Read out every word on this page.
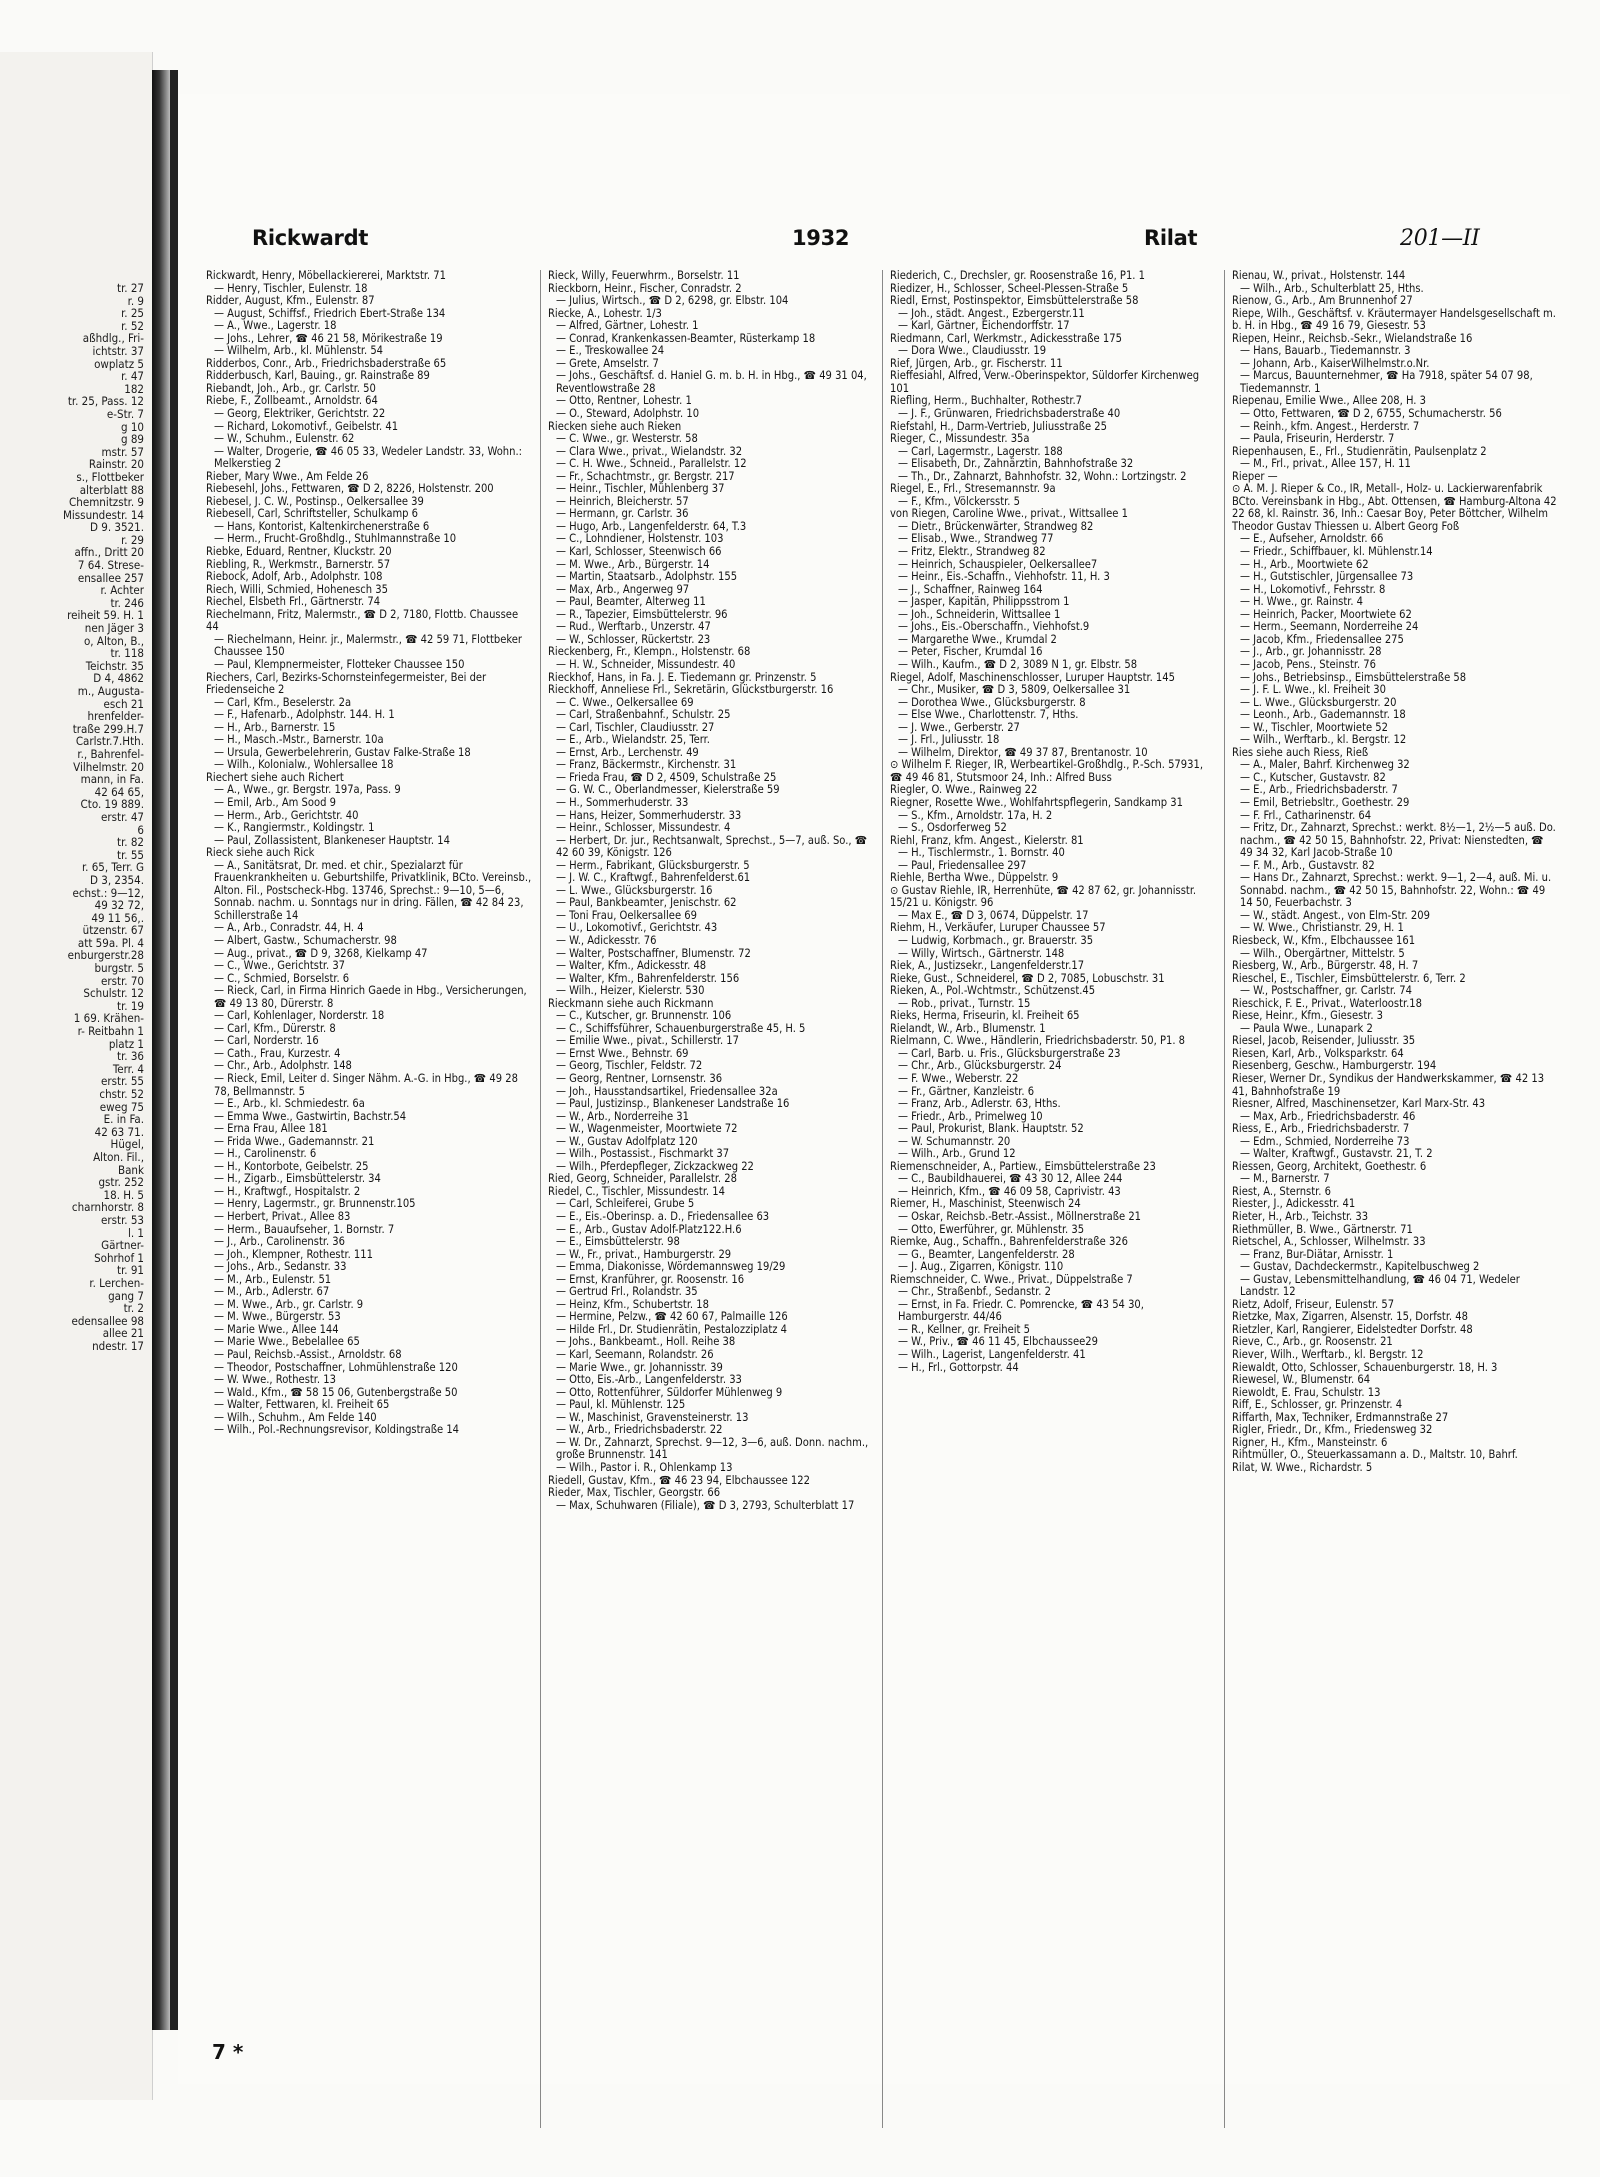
tr. 27
r. 9
r. 25
r. 52
aßhdlg., Fri-
ichtstr. 37
owplatz 5
r. 47
182
tr. 25, Pass. 12
e-Str. 7
g 10
g 89
mstr. 57
Rainstr. 20
s., Flottbeker
alterblatt 88
Chemnitzstr. 9
Missundestr. 14
D 9. 3521.
r. 29
affn., Dritt 20
7 64. Strese-
ensallee 257
r. Achter
tr. 246
reiheit 59. H. 1
nen Jäger 3
o, Alton, B.,
tr. 118
Teichstr. 35
D 4, 4862
m., Augusta-
esch 21
hrenfelder-
traße 299.H.7
Carlstr.7.Hth.
r., Bahrenfel-
Vilhelmstr. 20
mann, in Fa.
42 64 65,
Cto. 19 889.
erstr. 47
6
tr. 82
tr. 55
r. 65, Terr. G
D 3, 2354.
echst.: 9—12,
49 32 72,
49 11 56,.
ützenstr. 67
att 59a. Pl. 4
enburgerstr.28
burgstr. 5
erstr. 70
Schulstr. 12
tr. 19
1 69. Krähen-
r- Reitbahn 1
platz 1
tr. 36
Terr. 4
erstr. 55
chstr. 52
eweg 75
E. in Fa.
42 63 71.
Hügel,
Alton. Fil.,
Bank
gstr. 252
18. H. 5
charnhorstr. 8
erstr. 53
l. 1
Gärtner-
Sohrhof 1
tr. 91
r. Lerchen-
gang 7
tr. 2
edensallee 98
allee 21
ndestr. 17
Rickwardt	1932	Rilat	201—II
Rickwardt, Henry, Möbellackiererei, Marktstr. 71
— Henry, Tischler, Eulenstr. 18
Ridder, August, Kfm., Eulenstr. 87
— August, Schiffsf., Friedrich Ebert-Straße 134
— A., Wwe., Lagerstr. 18
— Johs., Lehrer, ☎ 46 21 58, Mörikestraße 19
— Wilhelm, Arb., kl. Mühlenstr. 54
Ridderbos, Conr., Arb., Friedrichsbaderstraße 65
Ridderbusch, Karl, Bauing., gr. Rainstraße 89
Riebandt, Joh., Arb., gr. Carlstr. 50
Riebe, F., Zollbeamt., Arnoldstr. 64
— Georg, Elektriker, Gerichtstr. 22
— Richard, Lokomotivf., Geibelstr. 41
— W., Schuhm., Eulenstr. 62
— Walter, Drogerie, ☎ 46 05 33, Wedeler Landstr. 33, Wohn.: Melkerstieg 2
Rieber, Mary Wwe., Am Felde 26
Riebesehl, Johs., Fettwaren, ☎ D 2, 8226, Holstenstr. 200
Riebesel, J. C. W., Postinsp., Oelkersallee 39
Riebesell, Carl, Schriftsteller, Schulkamp 6
— Hans, Kontorist, Kaltenkirchenerstraße 6
— Herm., Frucht-Großhdlg., Stuhlmannstraße 10
Riebke, Eduard, Rentner, Kluckstr. 20
Riebling, R., Werkmstr., Barnerstr. 57
Riebock, Adolf, Arb., Adolphstr. 108
Riech, Willi, Schmied, Hohenesch 35
Riechel, Elsbeth Frl., Gärtnerstr. 74
Riechelmann, Fritz, Malermstr., ☎ D 2, 7180, Flottb. Chaussee 44
— Riechelmann, Heinr. jr., Malermstr., ☎ 42 59 71, Flottbeker Chaussee 150
— Paul, Klempnermeister, Flotteker Chaussee 150
Riechers, Carl, Bezirks-Schornsteinfegermeister, Bei der Friedenseiche 2
— Carl, Kfm., Beselerstr. 2a
— F., Hafenarb., Adolphstr. 144. H. 1
— H., Arb., Barnerstr. 15
— H., Masch.-Mstr., Barnerstr. 10a
— Ursula, Gewerbelehrerin, Gustav Falke-Straße 18
— Wilh., Kolonialw., Wohlersallee 18
Riechert siehe auch Richert
— A., Wwe., gr. Bergstr. 197a, Pass. 9
— Emil, Arb., Am Sood 9
— Herm., Arb., Gerichtstr. 40
— K., Rangiermstr., Koldingstr. 1
— Paul, Zollassistent, Blankeneser Hauptstr. 14
Rieck siehe auch Rick
— A., Sanitätsrat, Dr. med. et chir., Spezialarzt für Frauenkrankheiten u. Geburtshilfe, Privatklinik, BCto. Vereinsb., Alton. Fil., Postscheck-Hbg. 13746, Sprechst.: 9—10, 5—6, Sonnab. nachm. u. Sonntags nur in dring. Fällen, ☎ 42 84 23, Schillerstraße 14
— A., Arb., Conradstr. 44, H. 4
— Albert, Gastw., Schumacherstr. 98
— Aug., privat., ☎ D 9, 3268, Kielkamp 47
— C., Wwe., Gerichtstr. 37
— C., Schmied, Borselstr. 6
— Rieck, Carl, in Firma Hinrich Gaede in Hbg., Versicherungen, ☎ 49 13 80, Dürerstr. 8
— Carl, Kohlenlager, Norderstr. 18
— Carl, Kfm., Dürerstr. 8
— Carl, Norderstr. 16
— Cath., Frau, Kurzestr. 4
— Chr., Arb., Adolphstr. 148
— Rieck, Emil, Leiter d. Singer Nähm. A.-G. in Hbg., ☎ 49 28 78, Bellmannstr. 5
— E., Arb., kl. Schmiedestr. 6a
— Emma Wwe., Gastwirtin, Bachstr.54
— Erna Frau, Allee 181
— Frida Wwe., Gademannstr. 21
— H., Carolinenstr. 6
— H., Kontorbote, Geibelstr. 25
— H., Zigarb., Eimsbüttelerstr. 34
— H., Kraftwgf., Hospitalstr. 2
— Henry, Lagermstr., gr. Brunnenstr.105
— Herbert, Privat., Allee 83
— Herm., Bauaufseher, 1. Bornstr. 7
— J., Arb., Carolinenstr. 36
— Joh., Klempner, Rothestr. 111
— Johs., Arb., Sedanstr. 33
— M., Arb., Eulenstr. 51
— M., Arb., Adlerstr. 67
— M. Wwe., Arb., gr. Carlstr. 9
— M. Wwe., Bürgerstr. 53
— Marie Wwe., Allee 144
— Marie Wwe., Bebelallee 65
— Paul, Reichsb.-Assist., Arnoldstr. 68
— Theodor, Postschaffner, Lohmühlenstraße 120
— W. Wwe., Rothestr. 13
— Wald., Kfm., ☎ 58 15 06, Gutenbergstraße 50
— Walter, Fettwaren, kl. Freiheit 65
— Wilh., Schuhm., Am Felde 140
— Wilh., Pol.-Rechnungsrevisor, Koldingstraße 14
Rieck, Willy, Feuerwhrm., Borselstr. 11
Rieckborn, Heinr., Fischer, Conradstr. 2
— Julius, Wirtsch., ☎ D 2, 6298, gr. Elbstr. 104
Riecke, A., Lohestr. 1/3
— Alfred, Gärtner, Lohestr. 1
— Conrad, Krankenkassen-Beamter, Rüsterkamp 18
— E., Treskowallee 24
— Grete, Amselstr. 7
— Johs., Geschäftsf. d. Haniel G. m. b. H. in Hbg., ☎ 49 31 04, Reventlowstraße 28
— Otto, Rentner, Lohestr. 1
— O., Steward, Adolphstr. 10
Riecken siehe auch Rieken
— C. Wwe., gr. Westerstr. 58
— Clara Wwe., privat., Wielandstr. 32
— C. H. Wwe., Schneid., Parallelstr. 12
— Fr., Schachtmstr., gr. Bergstr. 217
— Heinr., Tischler, Mühlenberg 37
— Heinrich, Bleicherstr. 57
— Hermann, gr. Carlstr. 36
— Hugo, Arb., Langenfelderstr. 64, T.3
— C., Lohndiener, Holstenstr. 103
— Karl, Schlosser, Steenwisch 66
— M. Wwe., Arb., Bürgerstr. 14
— Martin, Staatsarb., Adolphstr. 155
— Max, Arb., Angerweg 97
— Paul, Beamter, Alterweg 11
— R., Tapezier, Eimsbüttelerstr. 96
— Rud., Werftarb., Unzerstr. 47
— W., Schlosser, Rückertstr. 23
Rieckenberg, Fr., Klempn., Holstenstr. 68
— H. W., Schneider, Missundestr. 40
Rieckhof, Hans, in Fa. J. E. Tiedemann gr. Prinzenstr. 5
Rieckhoff, Anneliese Frl., Sekretärin, Glückstburgerstr. 16
— C. Wwe., Oelkersallee 69
— Carl, Straßenbahnf., Schulstr. 25
— Carl, Tischler, Claudiusstr. 27
— E., Arb., Wielandstr. 25, Terr.
— Ernst, Arb., Lerchenstr. 49
— Franz, Bäckermstr., Kirchenstr. 31
— Frieda Frau, ☎ D 2, 4509, Schulstraße 25
— G. W. C., Oberlandmesser, Kielerstraße 59
— H., Sommerhuderstr. 33
— Hans, Heizer, Sommerhuderstr. 33
— Heinr., Schlosser, Missundestr. 4
— Herbert, Dr. jur., Rechtsanwalt, Sprechst., 5—7, auß. So., ☎ 42 60 39, Königstr. 126
— Herm., Fabrikant, Glücksburgerstr. 5
— J. W. C., Kraftwgf., Bahrenfelderst.61
— L. Wwe., Glücksburgerstr. 16
— Paul, Bankbeamter, Jenischstr. 62
— Toni Frau, Oelkersallee 69
— U., Lokomotivf., Gerichtstr. 43
— W., Adickesstr. 76
— Walter, Postschaffner, Blumenstr. 72
— Walter, Kfm., Adickesstr. 48
— Walter, Kfm., Bahrenfelderstr. 156
— Wilh., Heizer, Kielerstr. 530
Rieckmann siehe auch Rickmann
— C., Kutscher, gr. Brunnenstr. 106
— C., Schiffsführer, Schauenburgerstraße 45, H. 5
— Emilie Wwe., pivat., Schillerstr. 17
— Ernst Wwe., Behnstr. 69
— Georg, Tischler, Feldstr. 72
— Georg, Rentner, Lornsenstr. 36
— Joh., Hausstandsartikel, Friedensallee 32a
— Paul, Justizinsp., Blankeneser Landstraße 16
— W., Arb., Norderreihe 31
— W., Wagenmeister, Moortwiete 72
— W., Gustav Adolfplatz 120
— Wilh., Postassist., Fischmarkt 37
— Wilh., Pferdepfleger, Zickzackweg 22
Ried, Georg, Schneider, Parallelstr. 28
Riedel, C., Tischler, Missundestr. 14
— Carl, Schleiferei, Grube 5
— E., Eis.-Oberinsp. a. D., Friedensallee 63
— E., Arb., Gustav Adolf-Platz122.H.6
— E., Eimsbüttelerstr. 98
— W., Fr., privat., Hamburgerstr. 29
— Emma, Diakonisse, Wördemannsweg 19/29
— Ernst, Kranführer, gr. Roosenstr. 16
— Gertrud Frl., Rolandstr. 35
— Heinz, Kfm., Schubertstr. 18
— Hermine, Pelzw., ☎ 42 60 67, Palmaille 126
— Hilde Frl., Dr. Studienrätin, Pestalozziplatz 4
— Johs., Bankbeamt., Holl. Reihe 38
— Karl, Seemann, Rolandstr. 26
— Marie Wwe., gr. Johannisstr. 39
— Otto, Eis.-Arb., Langenfelderstr. 33
— Otto, Rottenführer, Süldorfer Mühlenweg 9
— Paul, kl. Mühlenstr. 125
— W., Maschinist, Gravensteinerstr. 13
— W., Arb., Friedrichsbaderstr. 22
— W. Dr., Zahnarzt, Sprechst. 9—12, 3—6, auß. Donn. nachm., große Brunnenstr. 141
— Wilh., Pastor i. R., Ohlenkamp 13
Riedell, Gustav, Kfm., ☎ 46 23 94, Elbchaussee 122
Rieder, Max, Tischler, Georgstr. 66
— Max, Schuhwaren (Filiale), ☎ D 3, 2793, Schulterblatt 17
Riederich, C., Drechsler, gr. Roosenstraße 16, P1. 1
Riedizer, H., Schlosser, Scheel-Plessen-Straße 5
Riedl, Ernst, Postinspektor, Eimsbüttelerstraße 58
— Joh., städt. Angest., Ezbergerstr.11
— Karl, Gärtner, Eichendorffstr. 17
Riedmann, Carl, Werkmstr., Adickesstraße 175
— Dora Wwe., Claudiusstr. 19
Rief, Jürgen, Arb., gr. Fischerstr. 11
Rieffesiahl, Alfred, Verw.-Oberinspektor, Süldorfer Kirchenweg 101
Riefling, Herm., Buchhalter, Rothestr.7
— J. F., Grünwaren, Friedrichsbaderstraße 40
Riefstahl, H., Darm-Vertrieb, Juliusstraße 25
Rieger, C., Missundestr. 35a
— Carl, Lagermstr., Lagerstr. 188
— Elisabeth, Dr., Zahnärztin, Bahnhofstraße 32
— Th., Dr., Zahnarzt, Bahnhofstr. 32, Wohn.: Lortzingstr. 2
Riegel, E., Frl., Stresemannstr. 9a
— F., Kfm., Völckersstr. 5
von Riegen, Caroline Wwe., privat., Wittsallee 1
— Dietr., Brückenwärter, Strandweg 82
— Elisab., Wwe., Strandweg 77
— Fritz, Elektr., Strandweg 82
— Heinrich, Schauspieler, Oelkersallee7
— Heinr., Eis.-Schaffn., Viehhofstr. 11, H. 3
— J., Schaffner, Rainweg 164
— Jasper, Kapitän, Philippsstrom 1
— Joh., Schneiderin, Wittsallee 1
— Johs., Eis.-Oberschaffn., Viehhofst.9
— Margarethe Wwe., Krumdal 2
— Peter, Fischer, Krumdal 16
— Wilh., Kaufm., ☎ D 2, 3089 N 1, gr. Elbstr. 58
Riegel, Adolf, Maschinenschlosser, Luruper Hauptstr. 145
— Chr., Musiker, ☎ D 3, 5809, Oelkersallee 31
— Dorothea Wwe., Glücksburgerstr. 8
— Else Wwe., Charlottenstr. 7, Hths.
— J. Wwe., Gerberstr. 27
— J. Frl., Juliusstr. 18
— Wilhelm, Direktor, ☎ 49 37 87, Brentanostr. 10
⊙ Wilhelm F. Rieger, IR, Werbeartikel-Großhdlg., P.-Sch. 57931, ☎ 49 46 81, Stutsmoor 24, Inh.: Alfred Buss
Riegler, O. Wwe., Rainweg 22
Riegner, Rosette Wwe., Wohlfahrtspflegerin, Sandkamp 31
— S., Kfm., Arnoldstr. 17a, H. 2
— S., Osdorferweg 52
Riehl, Franz, kfm. Angest., Kielerstr. 81
— H., Tischlermstr., 1. Bornstr. 40
— Paul, Friedensallee 297
Riehle, Bertha Wwe., Düppelstr. 9
⊙ Gustav Riehle, IR, Herrenhüte, ☎ 42 87 62, gr. Johannisstr. 15/21 u. Königstr. 96
— Max E., ☎ D 3, 0674, Düppelstr. 17
Riehm, H., Verkäufer, Luruper Chaussee 57
— Ludwig, Korbmach., gr. Brauerstr. 35
— Willy, Wirtsch., Gärtnerstr. 148
Riek, A., Justizsekr., Langenfelderstr.17
Rieke, Gust., Schneiderel, ☎ D 2, 7085, Lobuschstr. 31
Rieken, A., Pol.-Wchtmstr., Schützenst.45
— Rob., privat., Turnstr. 15
Rieks, Herma, Friseurin, kl. Freiheit 65
Rielandt, W., Arb., Blumenstr. 1
Rielmann, C. Wwe., Händlerin, Friedrichsbaderstr. 50, P1. 8
— Carl, Barb. u. Fris., Glücksburgerstraße 23
— Chr., Arb., Glücksburgerstr. 24
— F. Wwe., Weberstr. 22
— Fr., Gärtner, Kanzleistr. 6
— Franz, Arb., Adlerstr. 63, Hths.
— Friedr., Arb., Primelweg 10
— Paul, Prokurist, Blank. Hauptstr. 52
— W. Schumannstr. 20
— Wilh., Arb., Grund 12
Riemenschneider, A., Partiew., Eimsbüttelerstraße 23
— C., Baubildhauerei, ☎ 43 30 12, Allee 244
— Heinrich, Kfm., ☎ 46 09 58, Caprivistr. 43
Riemer, H., Maschinist, Steenwisch 24
— Oskar, Reichsb.-Betr.-Assist., Möllnerstraße 21
— Otto, Ewerführer, gr. Mühlenstr. 35
Riemke, Aug., Schaffn., Bahrenfelderstraße 326
— G., Beamter, Langenfelderstr. 28
— J. Aug., Zigarren, Königstr. 110
Riemschneider, C. Wwe., Privat., Düppelstraße 7
— Chr., Straßenbf., Sedanstr. 2
— Ernst, in Fa. Friedr. C. Pomrencke, ☎ 43 54 30, Hamburgerstr. 44/46
— R., Kellner, gr. Freiheit 5
— W., Priv., ☎ 46 11 45, Elbchaussee29
— Wilh., Lagerist, Langenfelderstr. 41
— H., Frl., Gottorpstr. 44
Rienau, W., privat., Holstenstr. 144
— Wilh., Arb., Schulterblatt 25, Hths.
Rienow, G., Arb., Am Brunnenhof 27
Riepe, Wilh., Geschäftsf. v. Kräutermayer Handelsgesellschaft m. b. H. in Hbg., ☎ 49 16 79, Giesestr. 53
Riepen, Heinr., Reichsb.-Sekr., Wielandstraße 16
— Hans, Bauarb., Tiedemannstr. 3
— Johann, Arb., KaiserWilhelmstr.o.Nr.
— Marcus, Bauunternehmer, ☎ Ha 7918, später 54 07 98, Tiedemannstr. 1
Riepenau, Emilie Wwe., Allee 208, H. 3
— Otto, Fettwaren, ☎ D 2, 6755, Schumacherstr. 56
— Reinh., kfm. Angest., Herderstr. 7
— Paula, Friseurin, Herderstr. 7
Riepenhausen, E., Frl., Studienrätin, Paulsenplatz 2
— M., Frl., privat., Allee 157, H. 11
Rieper —
⊙ A. M. J. Rieper & Co., IR, Metall-, Holz- u. Lackierwarenfabrik BCto. Vereinsbank in Hbg., Abt. Ottensen, ☎ Hamburg-Altona 42 22 68, kl. Rainstr. 36, Inh.: Caesar Boy, Peter Böttcher, Wilhelm Theodor Gustav Thiessen u. Albert Georg Foß
— E., Aufseher, Arnoldstr. 66
— Friedr., Schiffbauer, kl. Mühlenstr.14
— H., Arb., Moortwiete 62
— H., Gutstischler, Jürgensallee 73
— H., Lokomotivf., Fehrsstr. 8
— H. Wwe., gr. Rainstr. 4
— Heinrich, Packer, Moortwiete 62
— Herm., Seemann, Norderreihe 24
— Jacob, Kfm., Friedensallee 275
— J., Arb., gr. Johannisstr. 28
— Jacob, Pens., Steinstr. 76
— Johs., Betriebsinsp., Eimsbüttelerstraße 58
— J. F. L. Wwe., kl. Freiheit 30
— L. Wwe., Glücksburgerstr. 20
— Leonh., Arb., Gademannstr. 18
— W., Tischler, Moortwiete 52
— Wilh., Werftarb., kl. Bergstr. 12
Ries siehe auch Riess, Rieß
— A., Maler, Bahrf. Kirchenweg 32
— C., Kutscher, Gustavstr. 82
— E., Arb., Friedrichsbaderstr. 7
— Emil, Betriebsltr., Goethestr. 29
— F. Frl., Catharinenstr. 64
— Fritz, Dr., Zahnarzt, Sprechst.: werkt. 8½—1, 2½—5 auß. Do. nachm., ☎ 42 50 15, Bahnhofstr. 22, Privat: Nienstedten, ☎ 49 34 32, Karl Jacob-Straße 10
— F. M., Arb., Gustavstr. 82
— Hans Dr., Zahnarzt, Sprechst.: werkt. 9—1, 2—4, auß. Mi. u. Sonnabd. nachm., ☎ 42 50 15, Bahnhofstr. 22, Wohn.: ☎ 49 14 50, Feuerbachstr. 3
— W., städt. Angest., von Elm-Str. 209
— W. Wwe., Christianstr. 29, H. 1
Riesbeck, W., Kfm., Elbchaussee 161
— Wilh., Obergärtner, Mittelstr. 5
Riesberg, W., Arb., Bürgerstr. 48, H. 7
Rieschel, E., Tischler, Eimsbüttelerstr. 6, Terr. 2
— W., Postschaffner, gr. Carlstr. 74
Rieschick, F. E., Privat., Waterloostr.18
Riese, Heinr., Kfm., Giesestr. 3
— Paula Wwe., Lunapark 2
Riesel, Jacob, Reisender, Juliusstr. 35
Riesen, Karl, Arb., Volksparkstr. 64
Riesenberg, Geschw., Hamburgerstr. 194
Rieser, Werner Dr., Syndikus der Handwerkskammer, ☎ 42 13 41, Bahnhofstraße 19
Riesner, Alfred, Maschinensetzer, Karl Marx-Str. 43
— Max, Arb., Friedrichsbaderstr. 46
Riess, E., Arb., Friedrichsbaderstr. 7
— Edm., Schmied, Norderreihe 73
— Walter, Kraftwgf., Gustavstr. 21, T. 2
Riessen, Georg, Architekt, Goethestr. 6
— M., Barnerstr. 7
Riest, A., Sternstr. 6
Riester, J., Adickesstr. 41
Rieter, H., Arb., Teichstr. 33
Riethmüller, B. Wwe., Gärtnerstr. 71
Rietschel, A., Schlosser, Wilhelmstr. 33
— Franz, Bur-Diätar, Arnisstr. 1
— Gustav, Dachdeckermstr., Kapitelbuschweg 2
— Gustav, Lebensmittelhandlung, ☎ 46 04 71, Wedeler Landstr. 12
Rietz, Adolf, Friseur, Eulenstr. 57
Rietzke, Max, Zigarren, Alsenstr. 15, Dorfstr. 48
Rietzler, Karl, Rangierer, Eidelstedter Dorfstr. 48
Rieve, C., Arb., gr. Roosenstr. 21
Riever, Wilh., Werftarb., kl. Bergstr. 12
Riewaldt, Otto, Schlosser, Schauenburgerstr. 18, H. 3
Riewesel, W., Blumenstr. 64
Riewoldt, E. Frau, Schulstr. 13
Riff, E., Schlosser, gr. Prinzenstr. 4
Riffarth, Max, Techniker, Erdmannstraße 27
Rigler, Friedr., Dr., Kfm., Friedensweg 32
Rigner, H., Kfm., Mansteinstr. 6
Rihtmüller, O., Steuerkassamann a. D., Maltstr. 10, Bahrf.
Rilat, W. Wwe., Richardstr. 5
7 *
